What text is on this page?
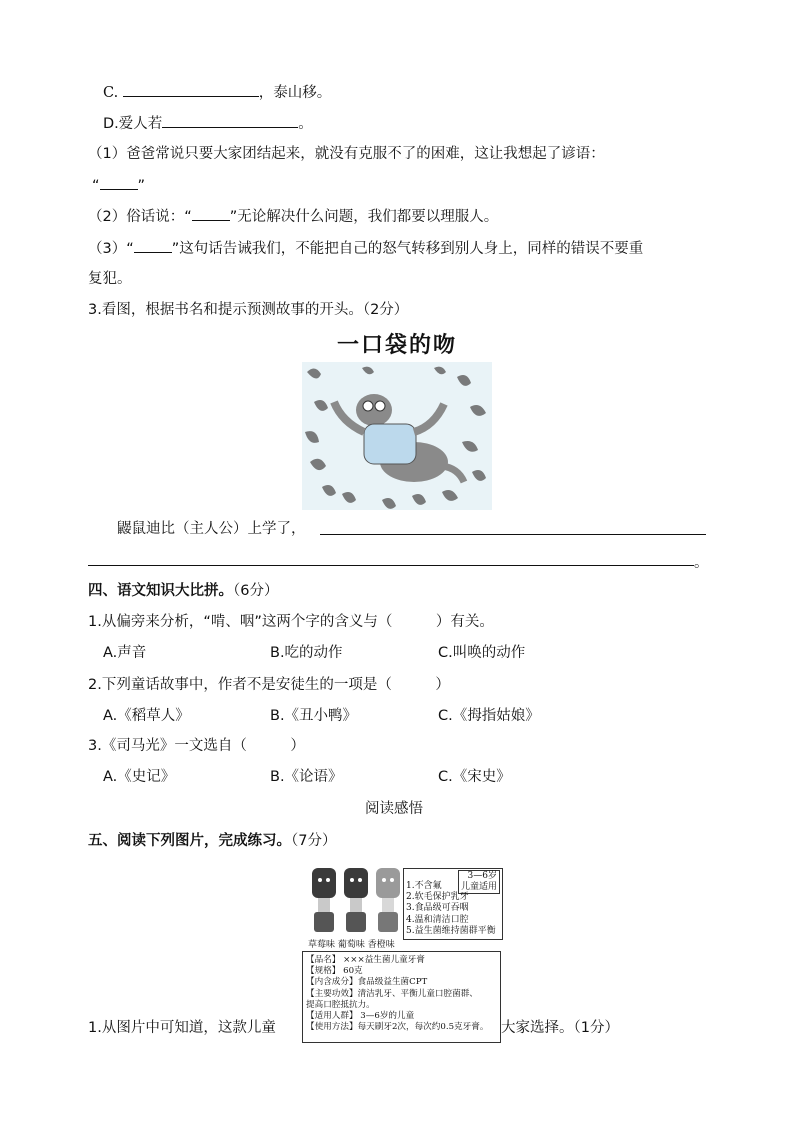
C.	，泰山移。
D.爱人若	。
（1）爸爸常说只要大家团结起来，就没有克服不了的困难，这让我想起了谚语：
“	”
（2）俗话说：“	”无论解决什么问题，我们都要以理服人。
（3）“	”这句话告诫我们，不能把自己的怒气转移到别人身上，同样的错误不要重
复犯。
3.看图，根据书名和提示预测故事的开头。（2分）
一口袋的吻
鼹鼠迪比（主人公）上学了，
。
四、语文知识大比拼。（6分）
1.从偏旁来分析，“啃、咽”这两个字的含义与（　　　）有关。
A.声音	B.吃的动作	C.叫唤的动作
2.下列童话故事中，作者不是安徒生的一项是（　　　）
A.《稻草人》	B.《丑小鸭》	C.《拇指姑娘》
3.《司马光》一文选自（　　　）
A.《史记》	B.《论语》	C.《宋史》
阅读感悟
五、阅读下列图片，完成练习。（7分）
草莓味 葡萄味 香橙味
3—6岁
儿童适用
1.不含氟
2.软毛保护乳牙
3.食品级可吞咽
4.温和清洁口腔
5.益生菌维持菌群平衡
【品名】 ×××益生菌儿童牙膏
【规格】 60克
【内含成分】食品级益生菌CPT
【主要功效】清洁乳牙、平衡儿童口腔菌群、
提高口腔抵抗力。
【适用人群】 3—6岁的儿童
【使用方法】每天刷牙2次，每次约0.5克牙膏。
1.从图片中可知道，这款儿童	大家选择。（1分）
